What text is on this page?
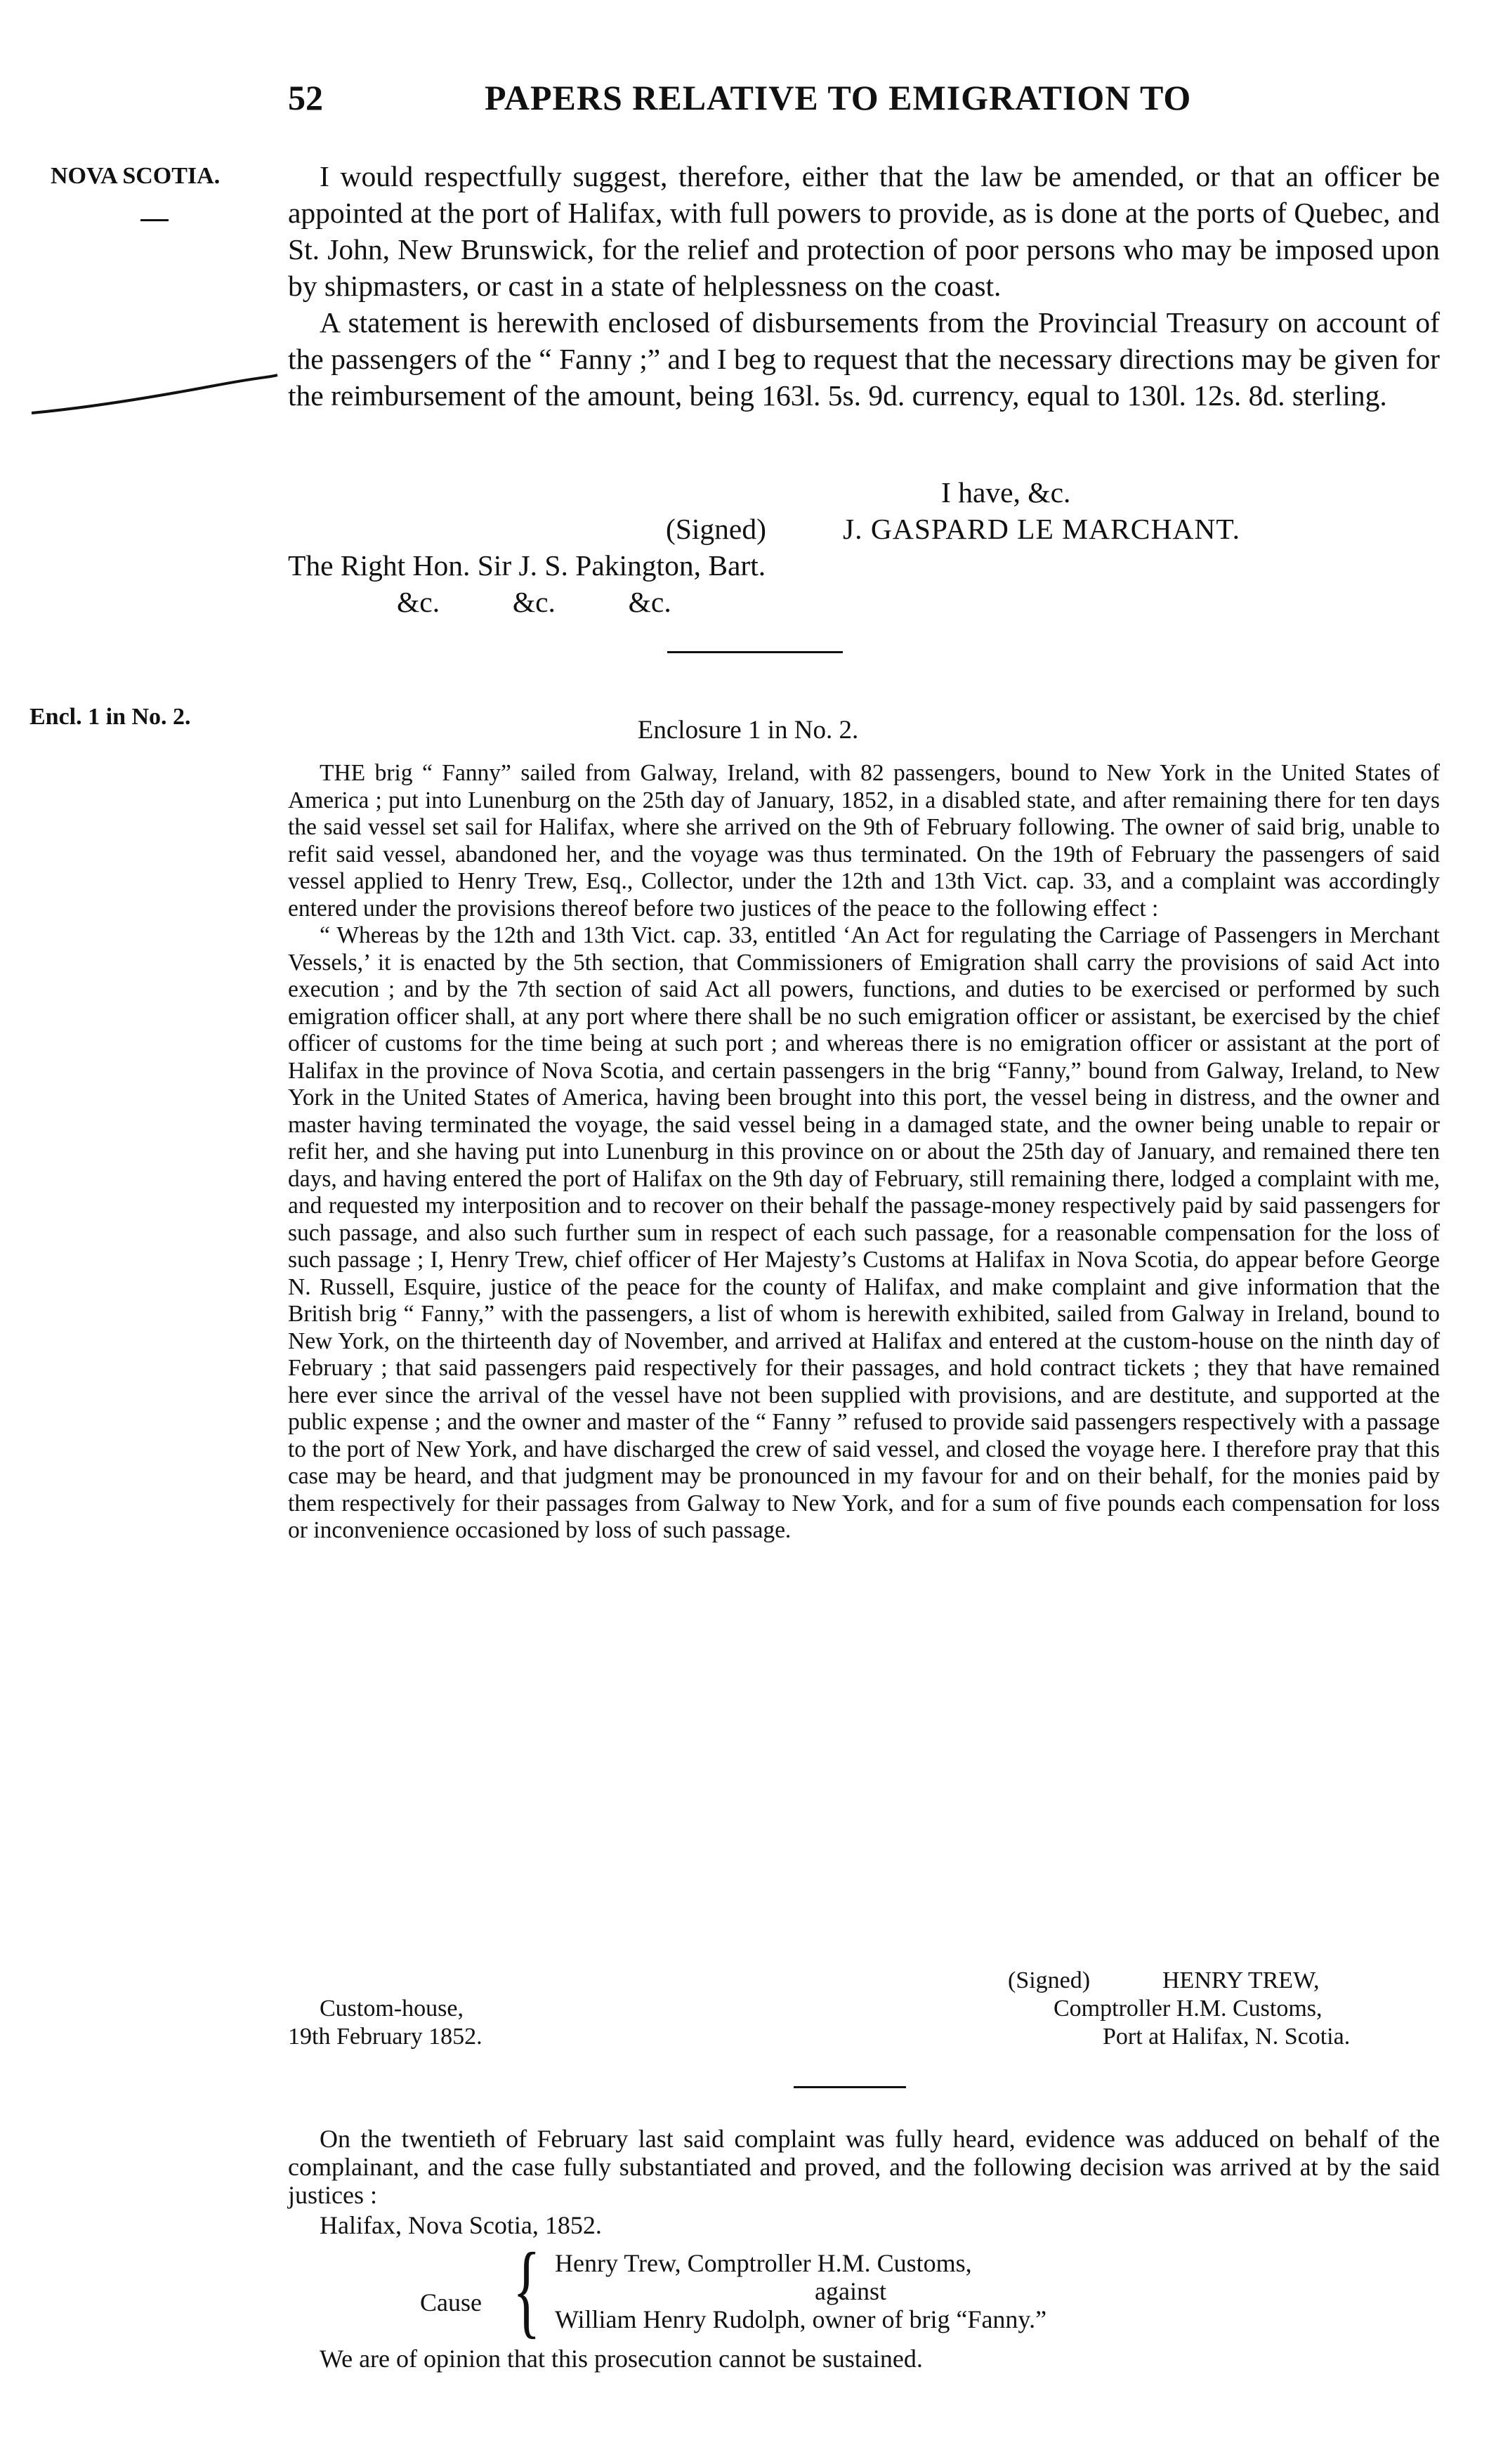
52	PAPERS RELATIVE TO EMIGRATION TO
NOVA SCOTIA.	I would respectfully suggest, therefore, either that the law be amended, or that an officer be appointed at the port of Halifax, with full powers to provide, as is done at the ports of Quebec, and St. John, New Brunswick, for the relief and protection of poor persons who may be imposed upon by shipmasters, or cast in a state of helplessness on the coast.

A statement is herewith enclosed of disbursements from the Provincial Treasury on account of the passengers of the “ Fanny ;” and I beg to request that the necessary directions may be given for the reimbursement of the amount, being 163l. 5s. 9d. currency, equal to 130l. 12s. 8d. sterling.

I have, &c.
(Signed)	J. GASPARD LE MARCHANT.
The Right Hon. Sir J. S. Pakington, Bart.
&c.          &c.          &c.
Encl. 1 in No. 2.	Enclosure 1 in No. 2.

THE brig “ Fanny” sailed from Galway, Ireland, with 82 passengers, bound to New York in the United States of America ; put into Lunenburg on the 25th day of January, 1852, in a disabled state, and after remaining there for ten days the said vessel set sail for Halifax, where she arrived on the 9th of February following. The owner of said brig, unable to refit said vessel, abandoned her, and the voyage was thus terminated. On the 19th of February the passengers of said vessel applied to Henry Trew, Esq., Collector, under the 12th and 13th Vict. cap. 33, and a complaint was accordingly entered under the provisions thereof before two justices of the peace to the following effect :

“ Whereas by the 12th and 13th Vict. cap. 33, entitled ‘An Act for regulating the Carriage of Passengers in Merchant Vessels,’ it is enacted by the 5th section, that Commissioners of Emigration shall carry the provisions of said Act into execution ; and by the 7th section of said Act all powers, functions, and duties to be exercised or performed by such emigration officer shall, at any port where there shall be no such emigration officer or assistant, be exercised by the chief officer of customs for the time being at such port ; and whereas there is no emigration officer or assistant at the port of Halifax in the province of Nova Scotia, and certain passengers in the brig “Fanny,” bound from Galway, Ireland, to New York in the United States of America, having been brought into this port, the vessel being in distress, and the owner and master having terminated the voyage, the said vessel being in a damaged state, and the owner being unable to repair or refit her, and she having put into Lunenburg in this province on or about the 25th day of January, and remained there ten days, and having entered the port of Halifax on the 9th day of February, still remaining there, lodged a complaint with me, and requested my interposition and to recover on their behalf the passage-money respectively paid by said passengers for such passage, and also such further sum in respect of each such passage, for a reasonable compensation for the loss of such passage ; I, Henry Trew, chief officer of Her Majesty’s Customs at Halifax in Nova Scotia, do appear before George N. Russell, Esquire, justice of the peace for the county of Halifax, and make complaint and give information that the British brig “ Fanny,” with the passengers, a list of whom is herewith exhibited, sailed from Galway in Ireland, bound to New York, on the thirteenth day of November, and arrived at Halifax and entered at the custom-house on the ninth day of February ; that said passengers paid respectively for their passages, and hold contract tickets ; they that have remained here ever since the arrival of the vessel have not been supplied with provisions, and are destitute, and supported at the public expense ; and the owner and master of the “ Fanny ” refused to provide said passengers respectively with a passage to the port of New York, and have discharged the crew of said vessel, and closed the voyage here. I therefore pray that this case may be heard, and that judgment may be pronounced in my favour for and on their behalf, for the monies paid by them respectively for their passages from Galway to New York, and for a sum of five pounds each compensation for loss or inconvenience occasioned by loss of such passage.

(Signed)	HENRY TREW,
Custom-house,	Comptroller H.M. Customs,
19th February 1852.	Port at Halifax, N. Scotia.

On the twentieth of February last said complaint was fully heard, evidence was adduced on behalf of the complainant, and the case fully substantiated and proved, and the following decision was arrived at by the said justices :

Halifax, Nova Scotia, 1852.
Cause { Henry Trew, Comptroller H.M. Customs,
against
William Henry Rudolph, owner of brig “Fanny.”
We are of opinion that this prosecution cannot be sustained.
